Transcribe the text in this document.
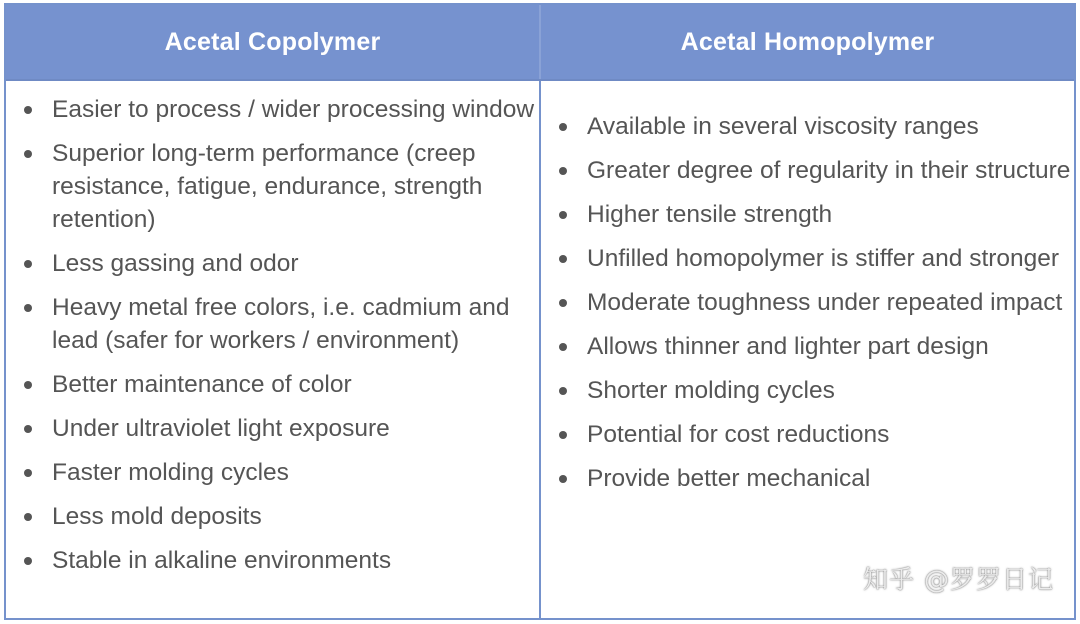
Acetal Copolymer	Acetal Homopolymer
Easier to process / wider processing window
Superior long-term performance (creep resistance, fatigue, endurance, strength retention)
Less gassing and odor
Heavy metal free colors, i.e. cadmium and lead (safer for workers / environment)
Better maintenance of color
Under ultraviolet light exposure
Faster molding cycles
Less mold deposits
Stable in alkaline environments
Available in several viscosity ranges
Greater degree of regularity in their structure
Higher tensile strength
Unfilled homopolymer is stiffer and stronger
Moderate toughness under repeated impact
Allows thinner and lighter part design
Shorter molding cycles
Potential for cost reductions
Provide better mechanical
知乎 @罗罗日记
